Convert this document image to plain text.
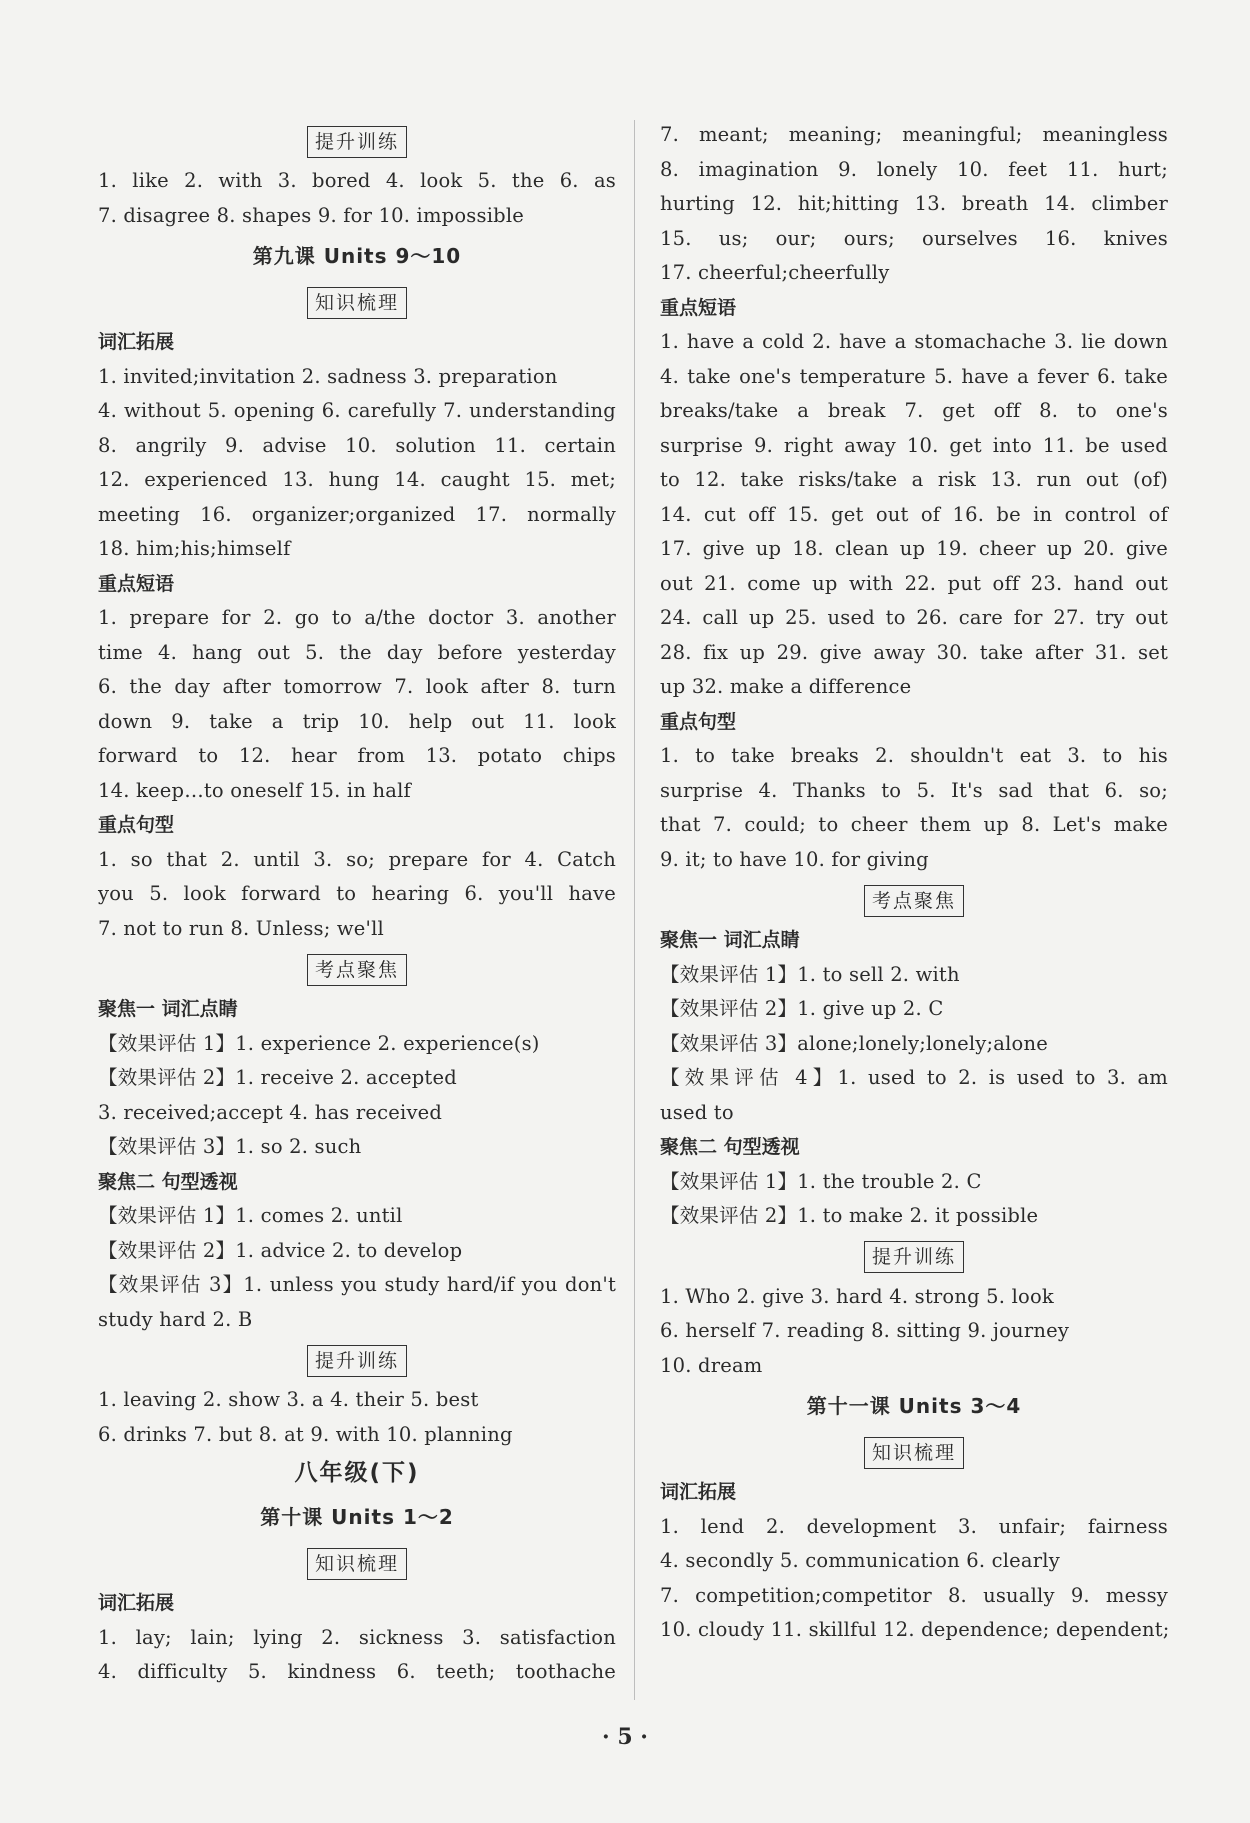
提升训练
1. like 2. with 3. bored 4. look 5. the 6. as
7. disagree 8. shapes 9. for 10. impossible
第九课 Units 9～10
知识梳理
词汇拓展
1. invited;invitation 2. sadness 3. preparation
4. without 5. opening 6. carefully 7. understanding
8. angrily 9. advise 10. solution 11. certain
12. experienced 13. hung 14. caught 15. met;
meeting 16. organizer;organized 17. normally
18. him;his;himself
重点短语
1. prepare for 2. go to a/the doctor 3. another
time 4. hang out 5. the day before yesterday
6. the day after tomorrow 7. look after 8. turn
down 9. take a trip 10. help out 11. look
forward to 12. hear from 13. potato chips
14. keep…to oneself 15. in half
重点句型
1. so that 2. until 3. so; prepare for 4. Catch
you 5. look forward to hearing 6. you'll have
7. not to run 8. Unless; we'll
考点聚焦
聚焦一 词汇点睛
【效果评估 1】1. experience 2. experience(s)
【效果评估 2】1. receive 2. accepted
3. received;accept 4. has received
【效果评估 3】1. so 2. such
聚焦二 句型透视
【效果评估 1】1. comes 2. until
【效果评估 2】1. advice 2. to develop
【效果评估 3】1. unless you study hard/if you don't
study hard 2. B
提升训练
1. leaving 2. show 3. a 4. their 5. best
6. drinks 7. but 8. at 9. with 10. planning
八年级(下)
第十课 Units 1～2
知识梳理
词汇拓展
1. lay; lain; lying 2. sickness 3. satisfaction
4. difficulty 5. kindness 6. teeth; toothache
7. meant; meaning; meaningful; meaningless
8. imagination 9. lonely 10. feet 11. hurt;
hurting 12. hit;hitting 13. breath 14. climber
15. us; our; ours; ourselves 16. knives
17. cheerful;cheerfully
重点短语
1. have a cold 2. have a stomachache 3. lie down
4. take one's temperature 5. have a fever 6. take
breaks/take a break 7. get off 8. to one's
surprise 9. right away 10. get into 11. be used
to 12. take risks/take a risk 13. run out (of)
14. cut off 15. get out of 16. be in control of
17. give up 18. clean up 19. cheer up 20. give
out 21. come up with 22. put off 23. hand out
24. call up 25. used to 26. care for 27. try out
28. fix up 29. give away 30. take after 31. set
up 32. make a difference
重点句型
1. to take breaks 2. shouldn't eat 3. to his
surprise 4. Thanks to 5. It's sad that 6. so;
that 7. could; to cheer them up 8. Let's make
9. it; to have 10. for giving
考点聚焦
聚焦一 词汇点睛
【效果评估 1】1. to sell 2. with
【效果评估 2】1. give up 2. C
【效果评估 3】alone;lonely;lonely;alone
【效果评估 4】1. used to 2. is used to 3. am
used to
聚焦二 句型透视
【效果评估 1】1. the trouble 2. C
【效果评估 2】1. to make 2. it possible
提升训练
1. Who 2. give 3. hard 4. strong 5. look
6. herself 7. reading 8. sitting 9. journey
10. dream
第十一课 Units 3～4
知识梳理
词汇拓展
1. lend 2. development 3. unfair; fairness
4. secondly 5. communication 6. clearly
7. competition;competitor 8. usually 9. messy
10. cloudy 11. skillful 12. dependence; dependent;
· 5 ·
